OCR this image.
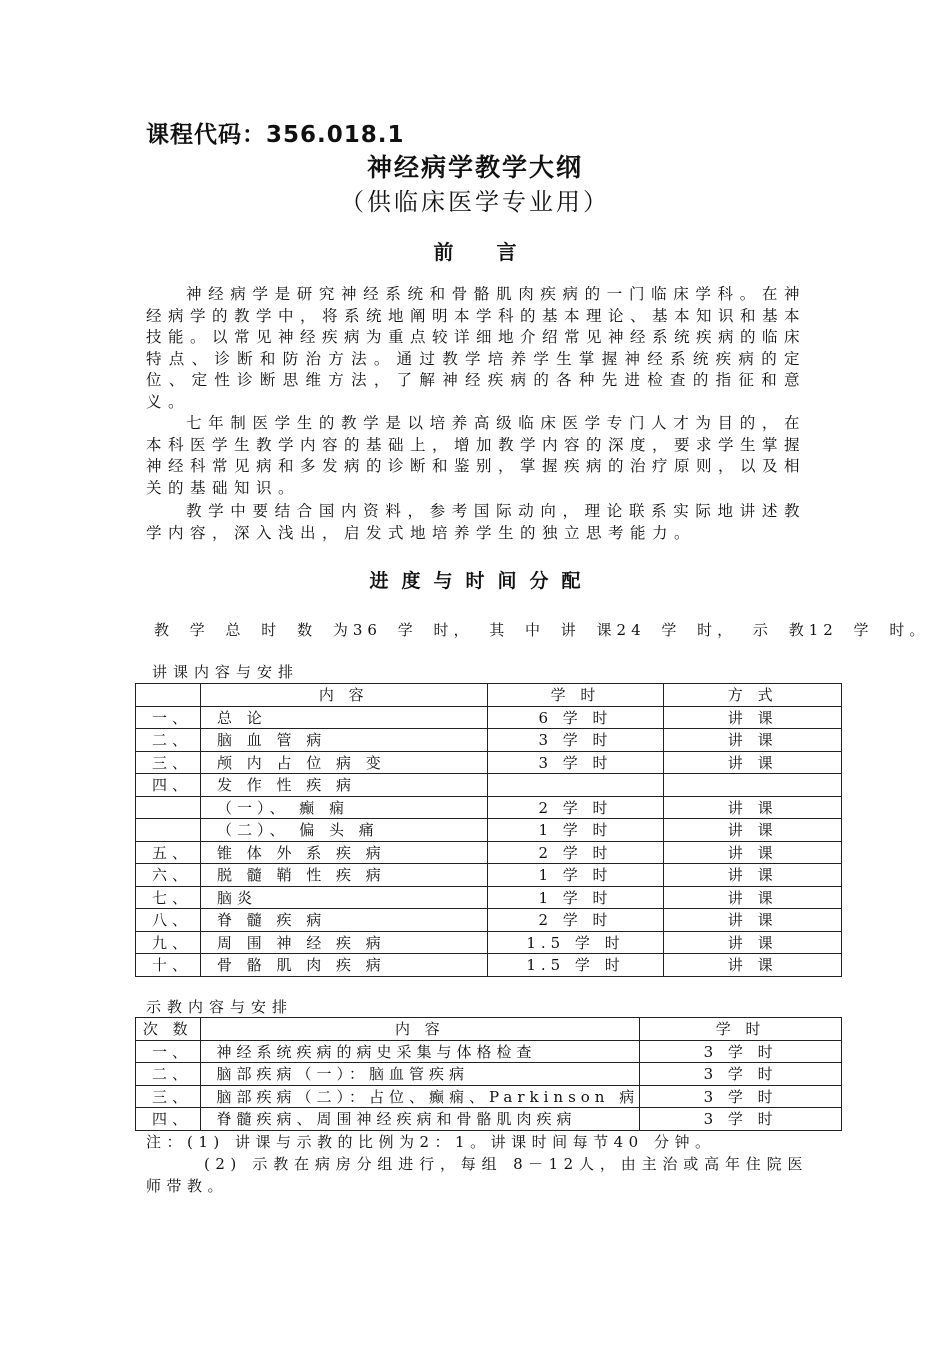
课程代码：356.018.1
神经病学教学大纲
（供临床医学专业用）
前 言
神经病学是研究神经系统和骨骼肌肉疾病的一门临床学科。在神经病学的教学中，将系统地阐明本学科的基本理论、基本知识和基本技能。以常见神经疾病为重点较详细地介绍常见神经系统疾病的临床特点、诊断和防治方法。通过教学培养学生掌握神经系统疾病的定位、定性诊断思维方法，了解神经疾病的各种先进检查的指征和意义。
七年制医学生的教学是以培养高级临床医学专门人才为目的，在本科医学生教学内容的基础上，增加教学内容的深度，要求学生掌握神经科常见病和多发病的诊断和鉴别，掌握疾病的治疗原则，以及相关的基础知识。
教学中要结合国内资料，参考国际动向，理论联系实际地讲述教学内容，深入浅出，启发式地培养学生的独立思考能力。
进度与时间分配
教 学 总 时 数 为36 学 时， 其 中 讲 课24 学 时， 示 教12 学 时。
讲课内容与安排
	内 容	学 时	方 式
一、	总 论	6 学 时	讲 课
二、	脑 血 管 病	3 学 时	讲 课
三、	颅 内 占 位 病 变	3 学 时	讲 课
四、	发 作 性 疾 病		
	（一）、 癫 痫	2 学 时	讲 课
	（二）、 偏 头 痛	1 学 时	讲 课
五、	锥 体 外 系 疾 病	2 学 时	讲 课
六、	脱 髓 鞘 性 疾 病	1 学 时	讲 课
七、	脑炎	1 学 时	讲 课
八、	脊 髓 疾 病	2 学 时	讲 课
九、	周 围 神 经 疾 病	1.5 学 时	讲 课
十、	骨 骼 肌 肉 疾 病	1.5 学 时	讲 课
示教内容与安排
次 数	内 容	学 时
一、	神经系统疾病的病史采集与体格检查	3 学 时
二、	脑部疾病（一）：脑血管疾病	3 学 时
三、	脑部疾病（二）：占位、癫痫、Parkinson 病	3 学 时
四、	脊髓疾病、周围神经疾病和骨骼肌肉疾病	3 学 时
注：(1) 讲课与示教的比例为2：1。讲课时间每节40 分钟。
(2) 示教在病房分组进行，每组 8－12人，由主治或高年住院医师带教。
